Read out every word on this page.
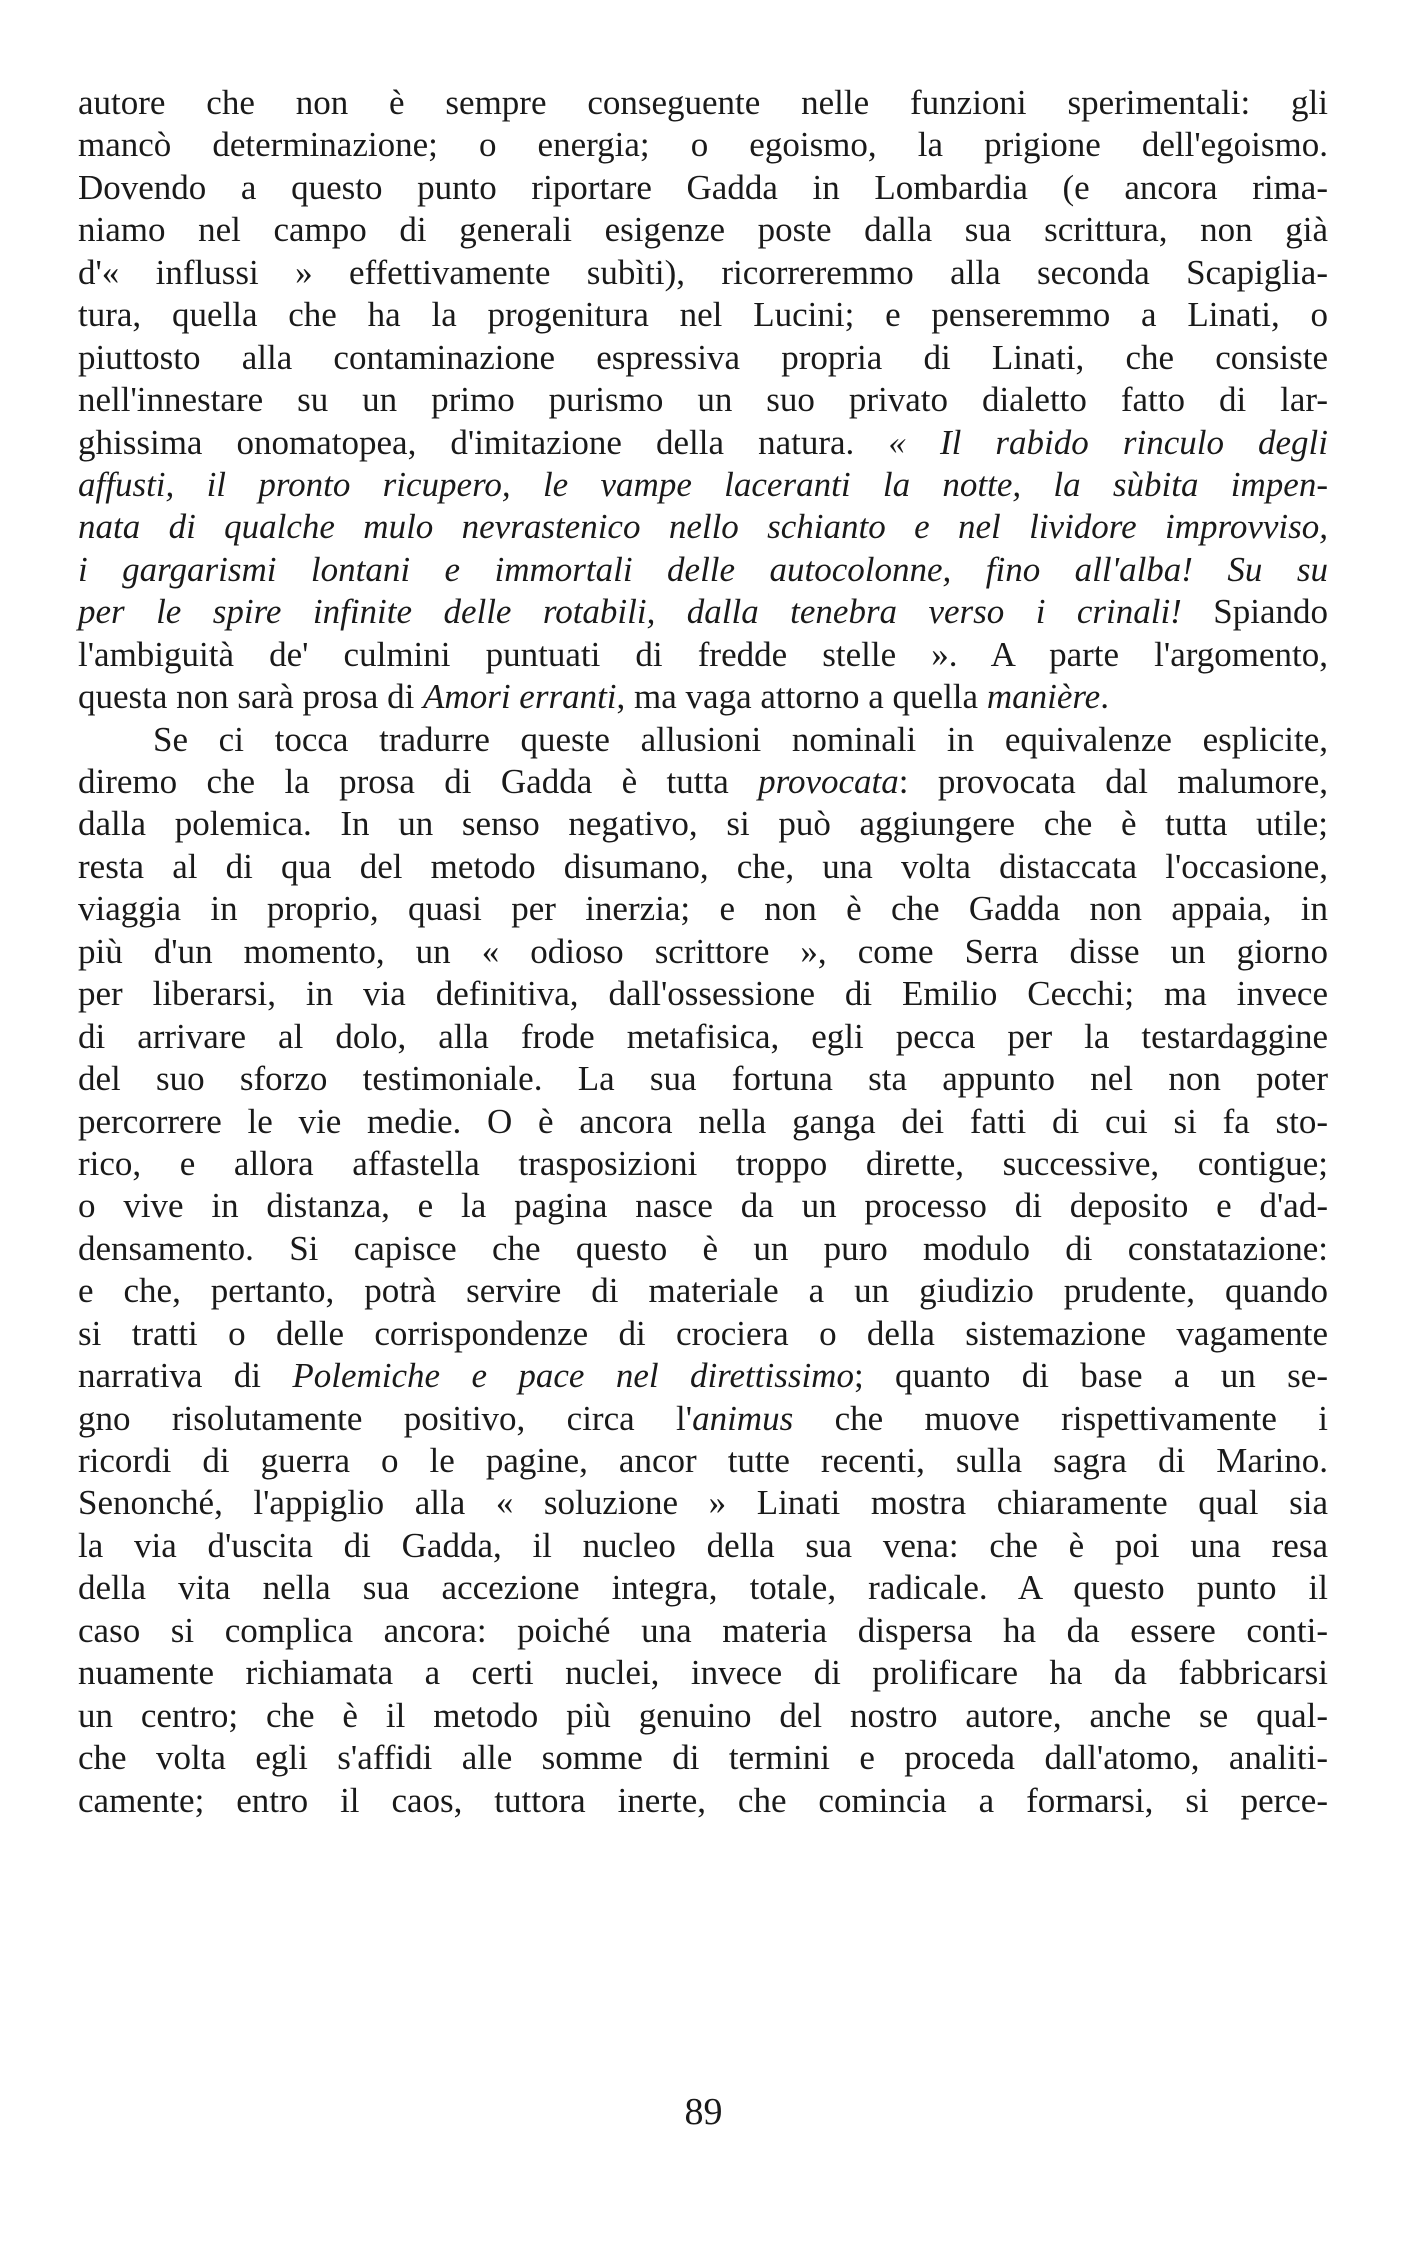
autore che non è sempre conseguente nelle funzioni sperimentali: gli
mancò determinazione; o energia; o egoismo, la prigione dell'egoismo.
Dovendo a questo punto riportare Gadda in Lombardia (e ancora rima-
niamo nel campo di generali esigenze poste dalla sua scrittura, non già
d'« influssi » effettivamente subìti), ricorreremmo alla seconda Scapiglia-
tura, quella che ha la progenitura nel Lucini; e penseremmo a Linati, o
piuttosto alla contaminazione espressiva propria di Linati, che consiste
nell'innestare su un primo purismo un suo privato dialetto fatto di lar-
ghissima onomatopea, d'imitazione della natura. « Il rabido rinculo degli
affusti, il pronto ricupero, le vampe laceranti la notte, la sùbita impen-
nata di qualche mulo nevrastenico nello schianto e nel lividore improvviso,
i gargarismi lontani e immortali delle autocolonne, fino all'alba! Su su
per le spire infinite delle rotabili, dalla tenebra verso i crinali! Spiando
l'ambiguità de' culmini puntuati di fredde stelle ». A parte l'argomento,
questa non sarà prosa di Amori erranti, ma vaga attorno a quella manière.
Se ci tocca tradurre queste allusioni nominali in equivalenze esplicite,
diremo che la prosa di Gadda è tutta provocata: provocata dal malumore,
dalla polemica. In un senso negativo, si può aggiungere che è tutta utile;
resta al di qua del metodo disumano, che, una volta distaccata l'occasione,
viaggia in proprio, quasi per inerzia; e non è che Gadda non appaia, in
più d'un momento, un « odioso scrittore », come Serra disse un giorno
per liberarsi, in via definitiva, dall'ossessione di Emilio Cecchi; ma invece
di arrivare al dolo, alla frode metafisica, egli pecca per la testardaggine
del suo sforzo testimoniale. La sua fortuna sta appunto nel non poter
percorrere le vie medie. O è ancora nella ganga dei fatti di cui si fa sto-
rico, e allora affastella trasposizioni troppo dirette, successive, contigue;
o vive in distanza, e la pagina nasce da un processo di deposito e d'ad-
densamento. Si capisce che questo è un puro modulo di constatazione:
e che, pertanto, potrà servire di materiale a un giudizio prudente, quando
si tratti o delle corrispondenze di crociera o della sistemazione vagamente
narrativa di Polemiche e pace nel direttissimo; quanto di base a un se-
gno risolutamente positivo, circa l'animus che muove rispettivamente i
ricordi di guerra o le pagine, ancor tutte recenti, sulla sagra di Marino.
Senonché, l'appiglio alla « soluzione » Linati mostra chiaramente qual sia
la via d'uscita di Gadda, il nucleo della sua vena: che è poi una resa
della vita nella sua accezione integra, totale, radicale. A questo punto il
caso si complica ancora: poiché una materia dispersa ha da essere conti-
nuamente richiamata a certi nuclei, invece di prolificare ha da fabbricarsi
un centro; che è il metodo più genuino del nostro autore, anche se qual-
che volta egli s'affidi alle somme di termini e proceda dall'atomo, analiti-
camente; entro il caos, tuttora inerte, che comincia a formarsi, si perce-
89
